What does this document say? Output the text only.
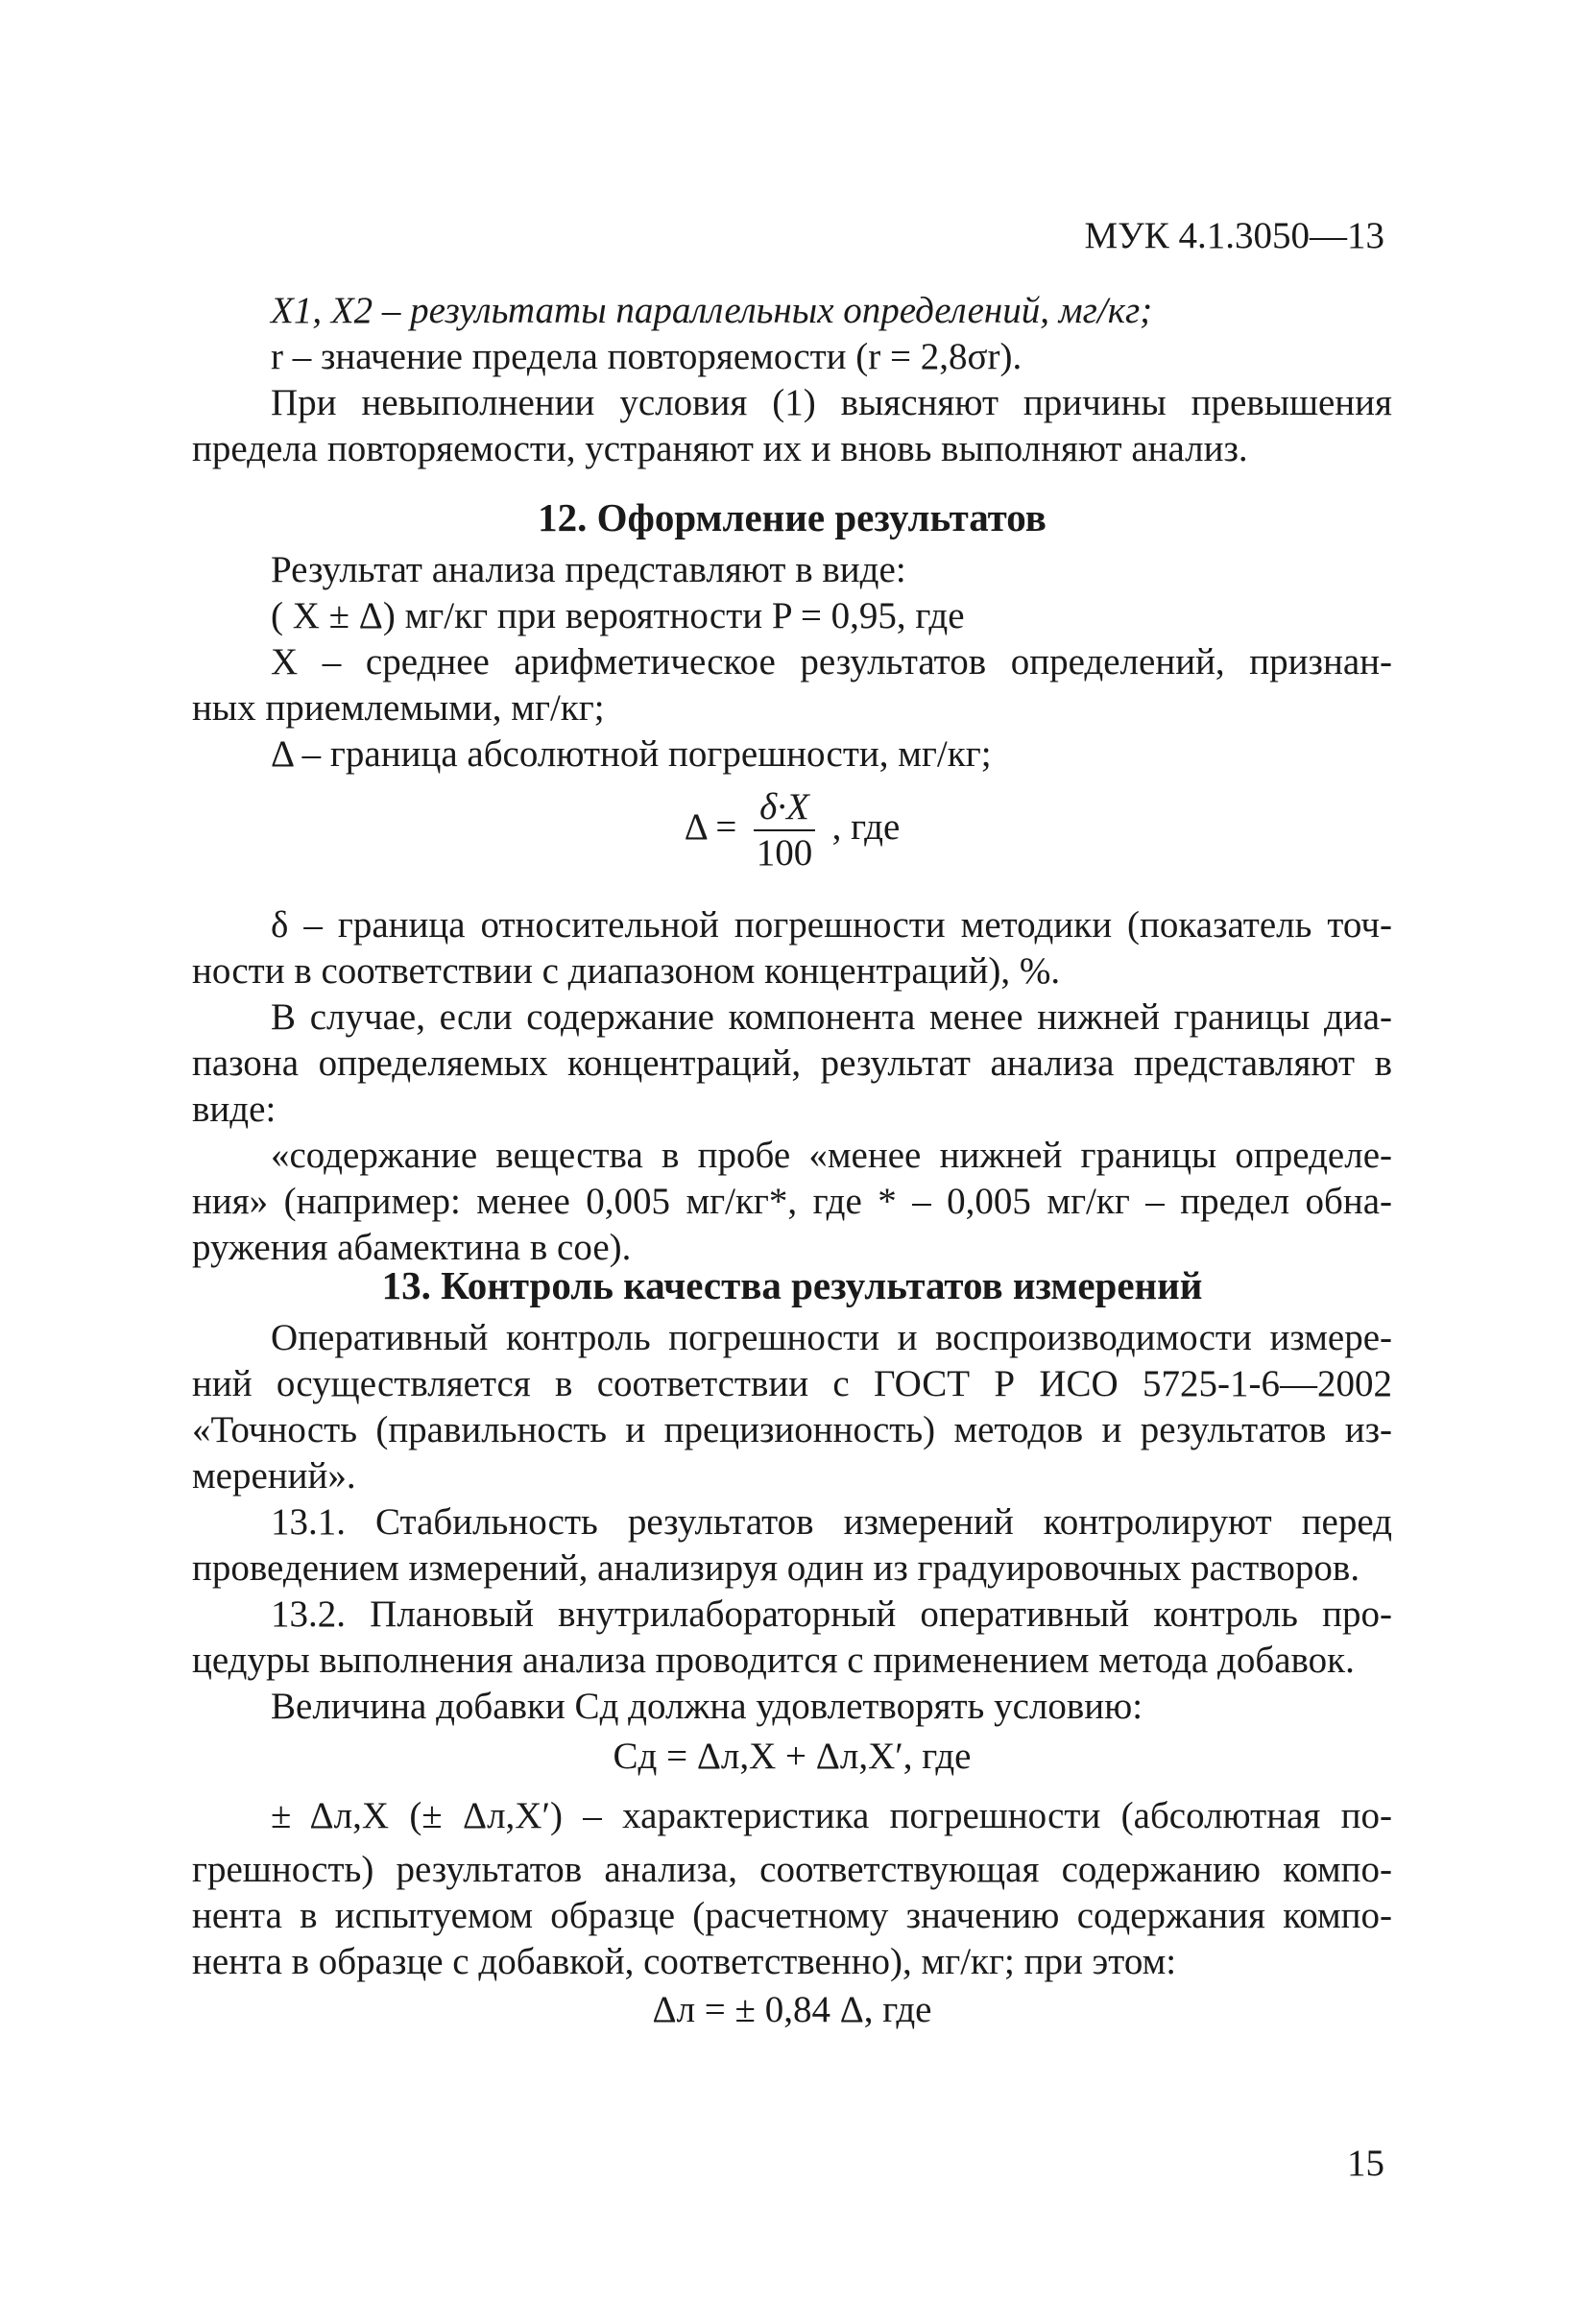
МУК 4.1.3050—13
X1, X2 – результаты параллельных определений, мг/кг;
r – значение предела повторяемости (r = 2,8σr).
При невыполнении условия (1) выясняют причины превышения
предела повторяемости, устраняют их и вновь выполняют анализ.
12. Оформление результатов
Результат анализа представляют в виде:
( X ± Δ) мг/кг при вероятности P = 0,95, где
X – среднее арифметическое результатов определений, признан-
ных приемлемыми, мг/кг;
Δ – граница абсолютной погрешности, мг/кг;
$\Delta = \frac{\delta\cdot X}{100}$ , где
δ – граница относительной погрешности методики (показатель точ-
ности в соответствии с диапазоном концентраций), %.
В случае, если содержание компонента менее нижней границы диа-
пазона определяемых концентраций, результат анализа представляют в
виде:
«содержание вещества в пробе «менее нижней границы определе-
ния» (например: менее 0,005 мг/кг*, где * – 0,005 мг/кг – предел обна-
ружения абамектина в сое).
13. Контроль качества результатов измерений
Оперативный контроль погрешности и воспроизводимости измере-
ний осуществляется в соответствии с ГОСТ Р ИСО 5725-1-6—2002
«Точность (правильность и прецизионность) методов и результатов из-
мерений».
13.1. Стабильность результатов измерений контролируют перед
проведением измерений, анализируя один из градуировочных растворов.
13.2. Плановый внутрилабораторный оперативный контроль про-
цедуры выполнения анализа проводится с применением метода добавок.
Величина добавки Cд должна удовлетворять условию:
Cд = Δл,X + Δл,X′, где
± Δл,X (± Δл,X′) – характеристика погрешности (абсолютная по-
грешность) результатов анализа, соответствующая содержанию компо-
нента в испытуемом образце (расчетному значению содержания компо-
нента в образце с добавкой, соответственно), мг/кг; при этом:
Δл = ± 0,84 Δ, где
15
